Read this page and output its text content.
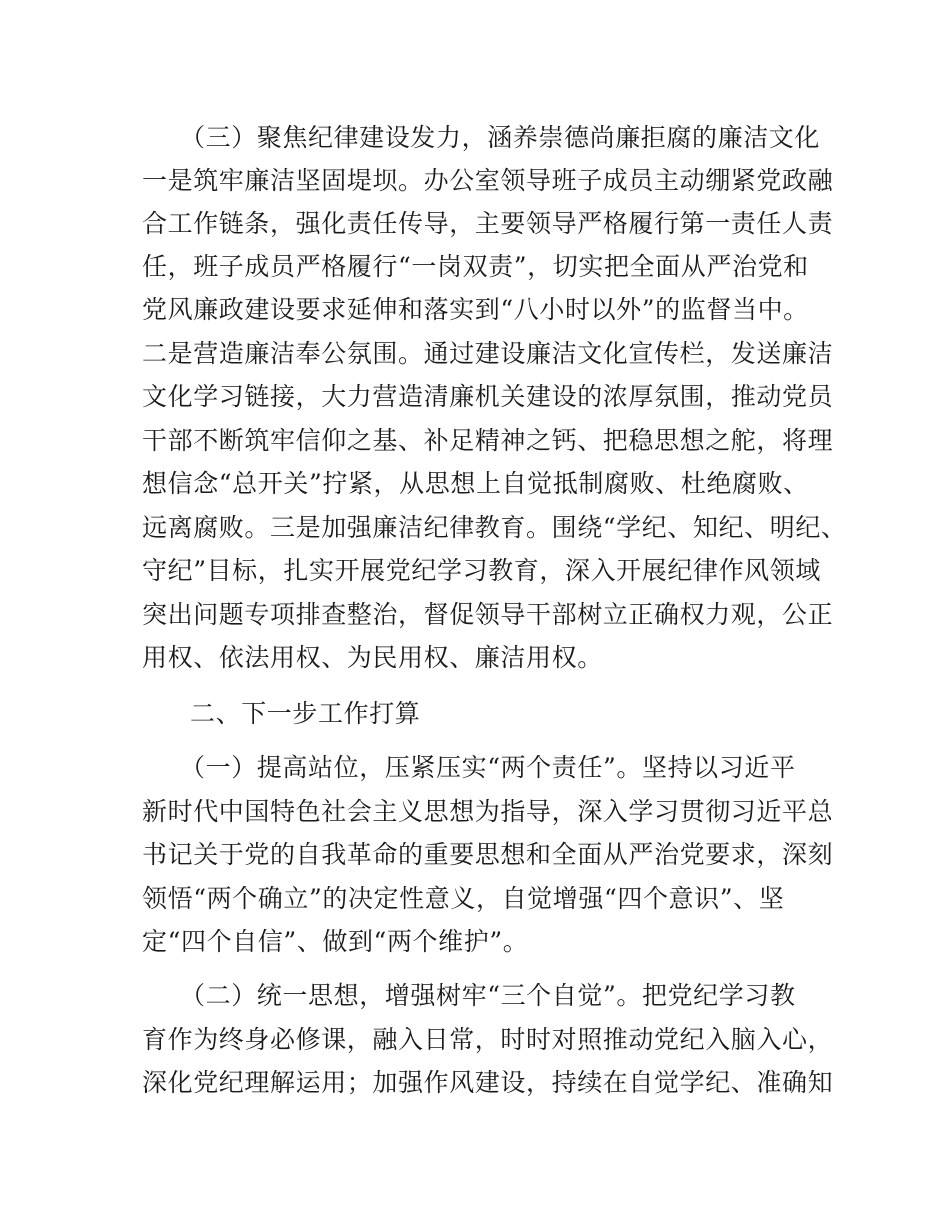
（三）聚焦纪律建设发力，涵养崇德尚廉拒腐的廉洁文化

一是筑牢廉洁坚固堤坝。办公室领导班子成员主动绷紧党政融

合工作链条，强化责任传导，主要领导严格履行第一责任人责

任，班子成员严格履行“一岗双责”，切实把全面从严治党和

党风廉政建设要求延伸和落实到“八小时以外”的监督当中。

二是营造廉洁奉公氛围。通过建设廉洁文化宣传栏，发送廉洁

文化学习链接，大力营造清廉机关建设的浓厚氛围，推动党员

干部不断筑牢信仰之基、补足精神之钙、把稳思想之舵，将理

想信念“总开关”拧紧，从思想上自觉抵制腐败、杜绝腐败、

远离腐败。三是加强廉洁纪律教育。围绕“学纪、知纪、明纪、

守纪”目标，扎实开展党纪学习教育，深入开展纪律作风领域

突出问题专项排查整治，督促领导干部树立正确权力观，公正

用权、依法用权、为民用权、廉洁用权。

二、下一步工作打算

（一）提高站位，压紧压实“两个责任”。坚持以习近平

新时代中国特色社会主义思想为指导，深入学习贯彻习近平总

书记关于党的自我革命的重要思想和全面从严治党要求，深刻

领悟“两个确立”的决定性意义，自觉增强“四个意识”、坚

定“四个自信”、做到“两个维护”。

（二）统一思想，增强树牢“三个自觉”。把党纪学习教

育作为终身必修课，融入日常，时时对照推动党纪入脑入心，

深化党纪理解运用；加强作风建设，持续在自觉学纪、准确知
